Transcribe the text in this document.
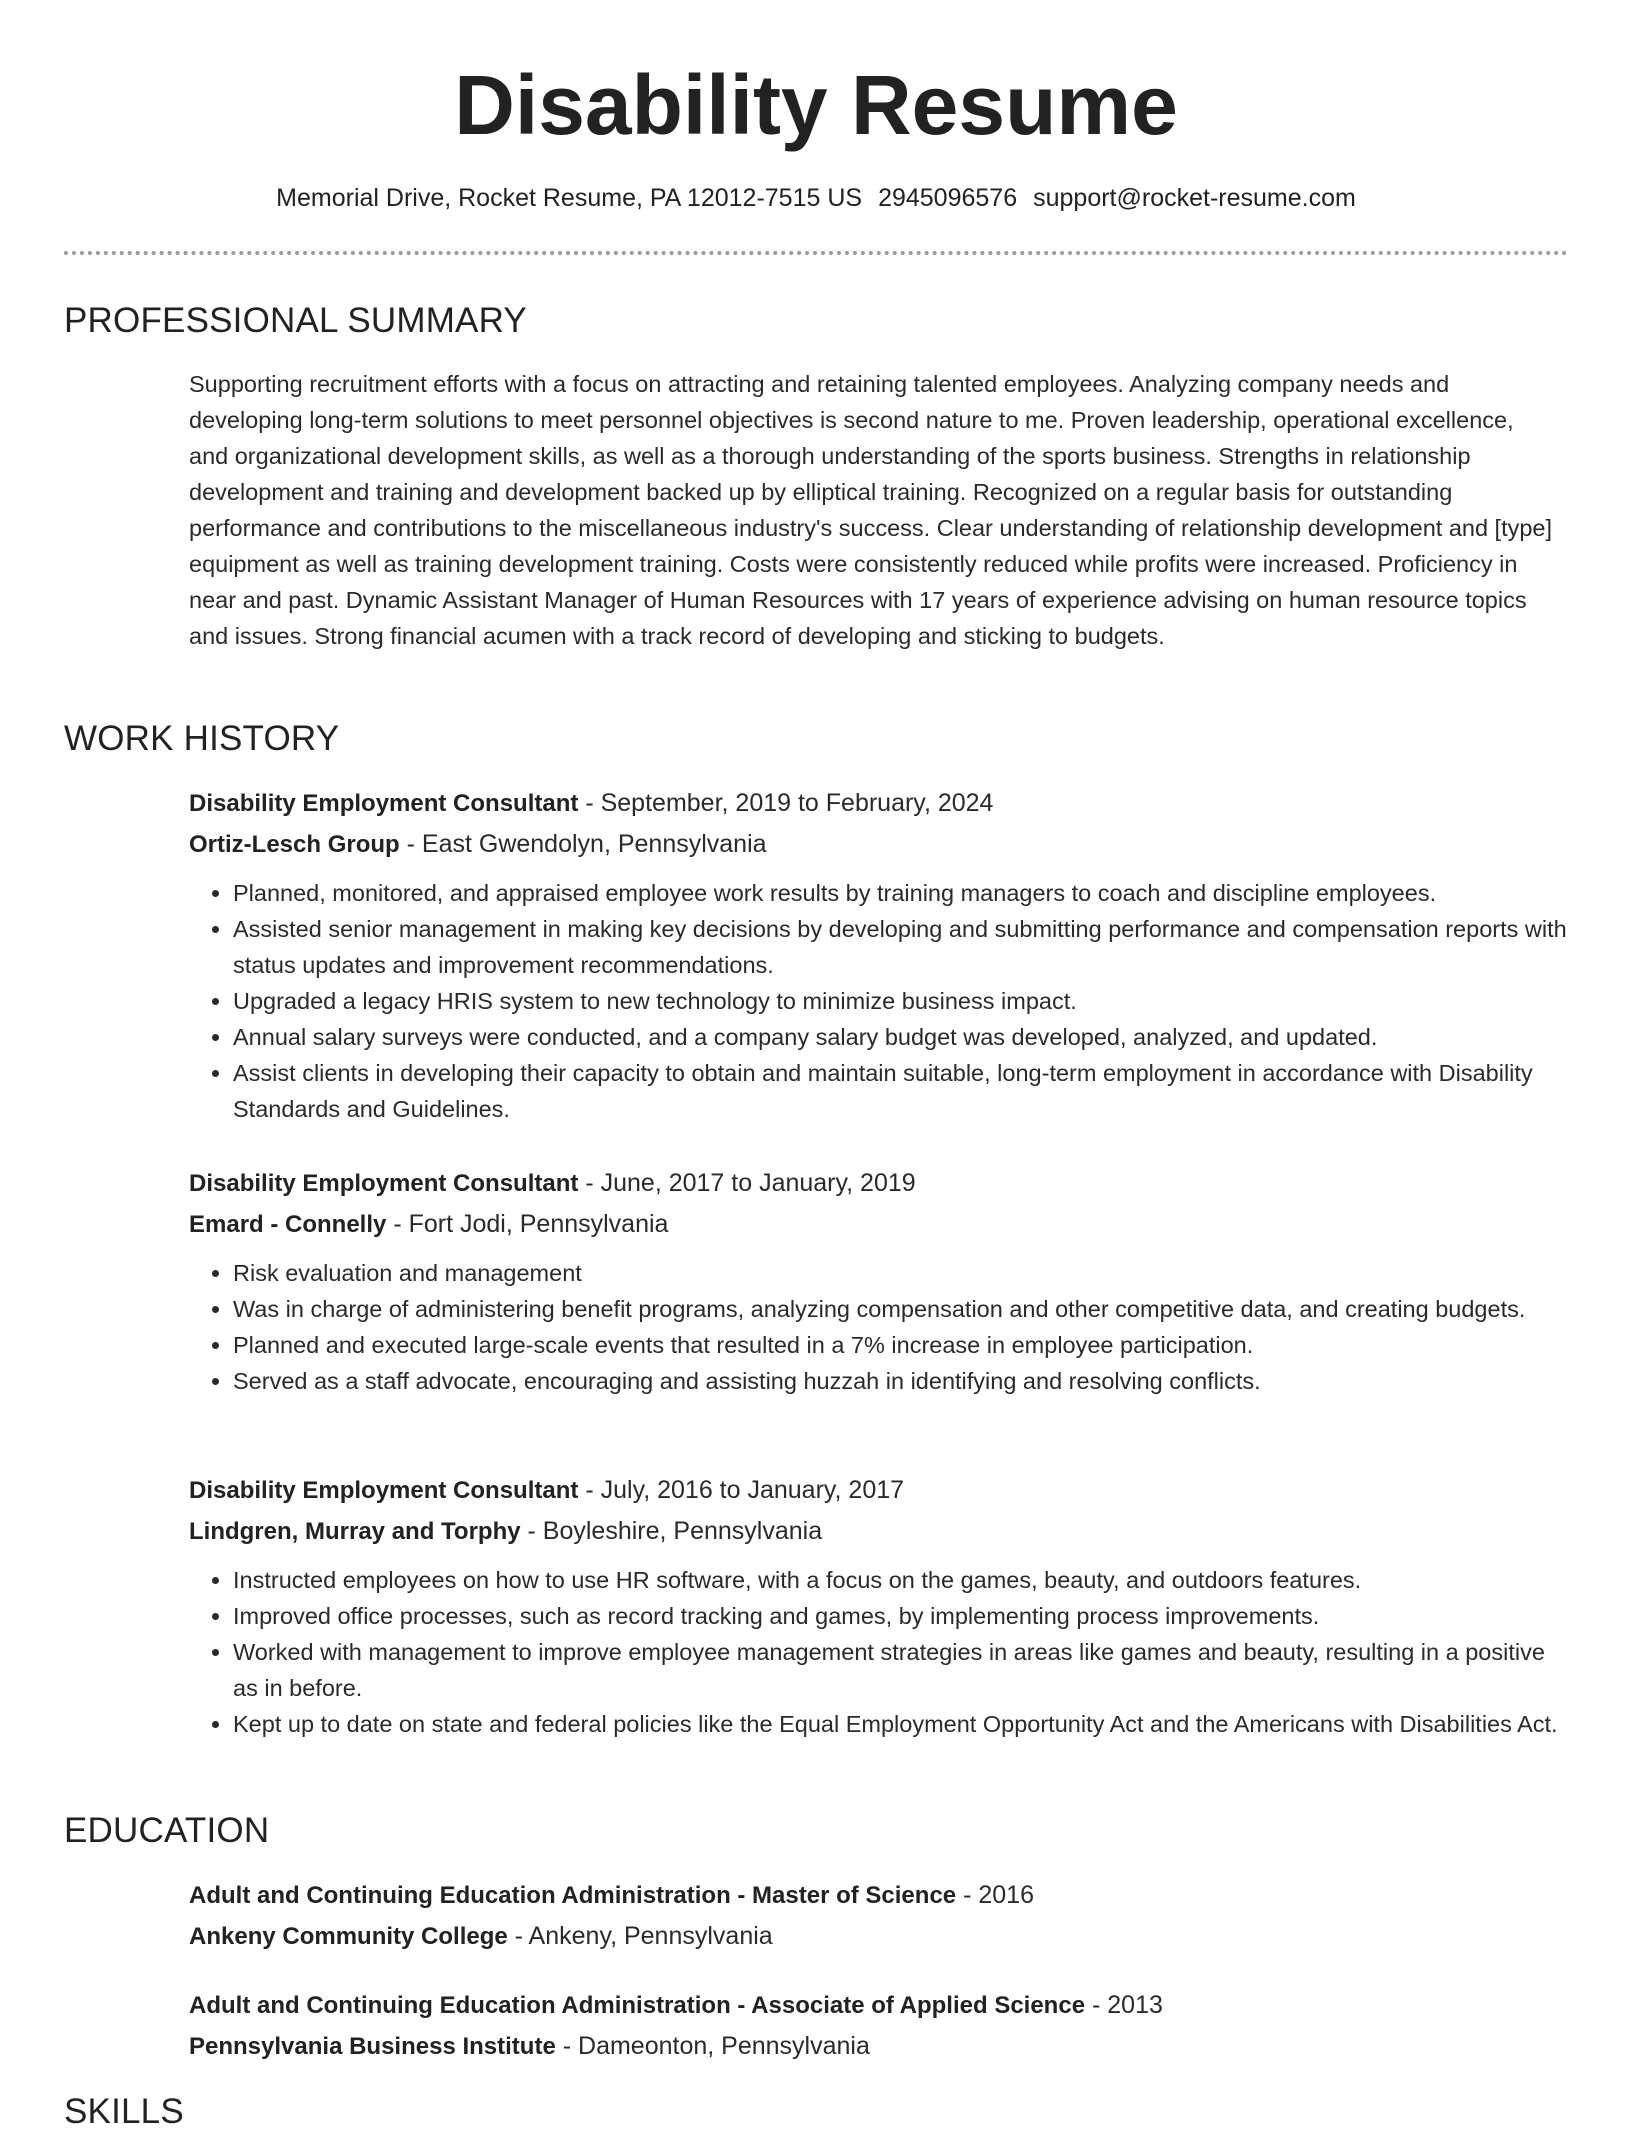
Disability Resume
Memorial Drive, Rocket Resume, PA 12012-7515 US 2945096576 support@rocket-resume.com
PROFESSIONAL SUMMARY

Supporting recruitment efforts with a focus on attracting and retaining talented employees. Analyzing company needs and developing long-term solutions to meet personnel objectives is second nature to me. Proven leadership, operational excellence, and organizational development skills, as well as a thorough understanding of the sports business. Strengths in relationship development and training and development backed up by elliptical training. Recognized on a regular basis for outstanding performance and contributions to the miscellaneous industry's success. Clear understanding of relationship development and [type] equipment as well as training development training. Costs were consistently reduced while profits were increased. Proficiency in near and past. Dynamic Assistant Manager of Human Resources with 17 years of experience advising on human resource topics and issues. Strong financial acumen with a track record of developing and sticking to budgets.

WORK HISTORY
Disability Employment Consultant - September, 2019 to February, 2024
Ortiz-Lesch Group - East Gwendolyn, Pennsylvania
• Planned, monitored, and appraised employee work results by training managers to coach and discipline employees.
• Assisted senior management in making key decisions by developing and submitting performance and compensation reports with status updates and improvement recommendations.
• Upgraded a legacy HRIS system to new technology to minimize business impact.
• Annual salary surveys were conducted, and a company salary budget was developed, analyzed, and updated.
• Assist clients in developing their capacity to obtain and maintain suitable, long-term employment in accordance with Disability Standards and Guidelines.
Disability Employment Consultant - June, 2017 to January, 2019
Emard - Connelly - Fort Jodi, Pennsylvania
• Risk evaluation and management
• Was in charge of administering benefit programs, analyzing compensation and other competitive data, and creating budgets.
• Planned and executed large-scale events that resulted in a 7% increase in employee participation.
• Served as a staff advocate, encouraging and assisting huzzah in identifying and resolving conflicts.
Disability Employment Consultant - July, 2016 to January, 2017
Lindgren, Murray and Torphy - Boyleshire, Pennsylvania
• Instructed employees on how to use HR software, with a focus on the games, beauty, and outdoors features.
• Improved office processes, such as record tracking and games, by implementing process improvements.
• Worked with management to improve employee management strategies in areas like games and beauty, resulting in a positive as in before.
• Kept up to date on state and federal policies like the Equal Employment Opportunity Act and the Americans with Disabilities Act.
EDUCATION
Adult and Continuing Education Administration - Master of Science - 2016
Ankeny Community College - Ankeny, Pennsylvania
Adult and Continuing Education Administration - Associate of Applied Science - 2013
Pennsylvania Business Institute - Dameonton, Pennsylvania
SKILLS
